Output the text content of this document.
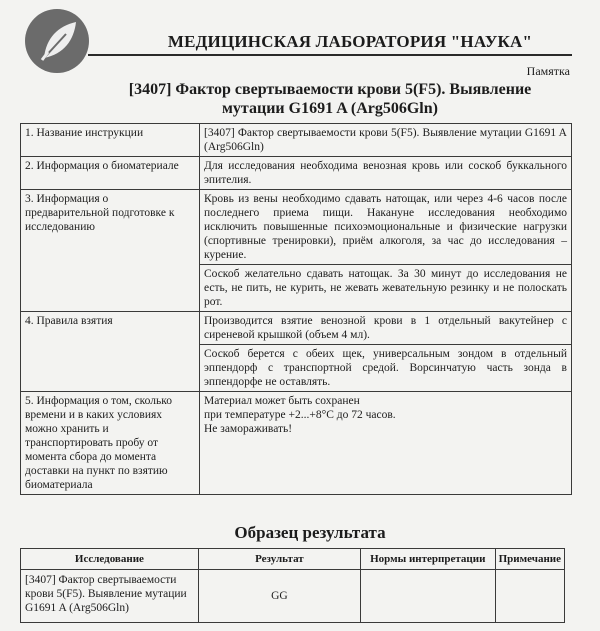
МЕДИЦИНСКАЯ ЛАБОРАТОРИЯ "НАУКА"
Памятка
[3407] Фактор свертываемости крови 5(F5). Выявление мутации G1691 A (Arg506Gln)
1. Название инструкции	[3407] Фактор свертываемости крови 5(F5). Выявление мутации G1691 A (Arg506Gln)
2. Информация о биоматериале	Для исследования необходима венозная кровь или соскоб буккального эпителия.
3. Информация о предварительной подготовке к исследованию	Кровь из вены необходимо сдавать натощак, или через 4-6 часов после последнего приема пищи. Накануне исследования необходимо исключить повышенные психоэмоциональные и физические нагрузки (спортивные тренировки), приём алкоголя, за час до исследования – курение.
	Соскоб желательно сдавать натощак. За 30 минут до исследования не есть, не пить, не курить, не жевать жевательную резинку и не полоскать рот.
4. Правила взятия	Производится взятие венозной крови в 1 отдельный вакутейнер с сиреневой крышкой (объем 4 мл).
	Соскоб берется с обеих щек, универсальным зондом в отдельный эппендорф с транспортной средой. Ворсинчатую часть зонда в эппендорфе не оставлять.
5. Информация о том, сколько времени и в каких условиях можно хранить и транспортировать пробу от момента сбора до момента доставки на пункт по взятию биоматериала	Материал может быть сохранен
при температуре +2...+8°С до 72 часов.
Не замораживать!
Образец результата
Исследование	Результат	Нормы интерпретации	Примечание
[3407] Фактор свертываемости крови 5(F5). Выявление мутации G1691 A (Arg506Gln)	GG		
